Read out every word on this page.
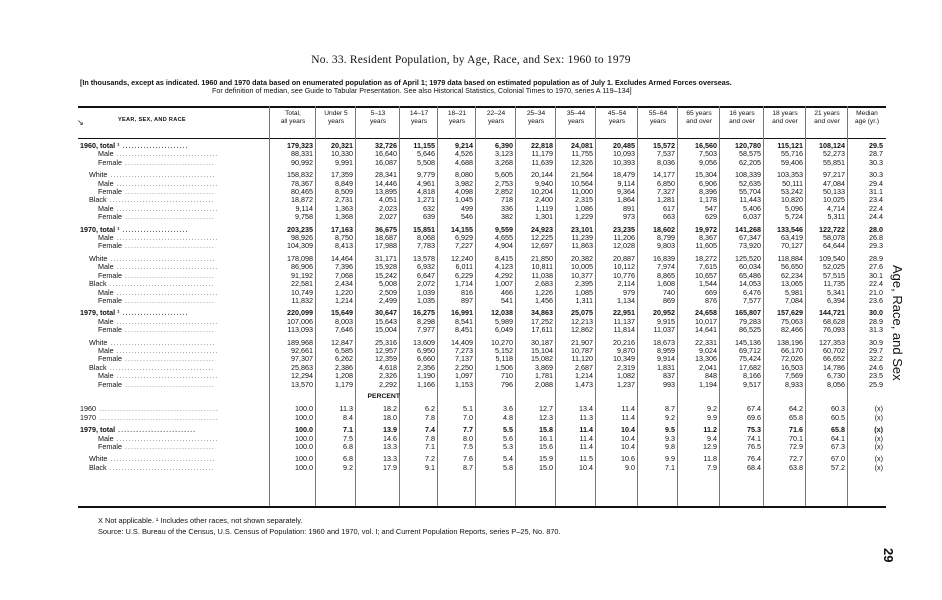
No. 33. Resident Population, by Age, Race, and Sex: 1960 to 1979
[In thousands, except as indicated. 1960 and 1970 data based on enumerated population as of April 1; 1979 data based on estimated population as of July 1. Excludes Armed Forces overseas.
For definition of median, see Guide to Tabular Presentation. See also Historical Statistics, Colonial Times to 1970, series A 119–134]
↘	YEAR, SEX, AND RACE
Total,
all years
Under 5
years
5–13
years
14–17
years
18–21
years
22–24
years
25–34
years
35–44
years
45–54
years
55–64
years
65 years
and over
16 years
and over
18 years
and over
21 years
and over
Median
age (yr.)
1960, total ¹ ......................	179,323	20,321	32,726	11,155	9,214	6,390	22,818	24,081	20,485	15,572	16,560	120,780	115,121	108,124	29.5
Male ..................................	88,331	10,330	16,640	5,646	4,526	3,123	11,179	11,755	10,093	7,537	7,503	58,575	55,716	52,273	28.7
Female ..............................	90,992	9,991	16,087	5,508	4,688	3,268	11,639	12,326	10,393	8,036	9,056	62,205	59,406	55,851	30.3

White ...................................	158,832	17,359	28,341	9,779	8,080	5,605	20,144	21,564	18,479	14,177	15,304	108,339	103,353	97,217	30.3
Male ..................................	78,367	8,849	14,446	4,961	3,982	2,753	9,940	10,564	9,114	6,850	6,906	52,635	50,111	47,084	29.4
Female ..............................	80,465	8,509	13,895	4,818	4,098	2,852	10,204	11,000	9,364	7,327	8,396	55,704	53,242	50,133	31.1
Black ...................................	18,872	2,731	4,051	1,271	1,045	718	2,400	2,315	1,864	1,281	1,178	11,443	10,820	10,025	23.4
Male ..................................	9,114	1,363	2,023	632	499	336	1,119	1,086	891	617	547	5,406	5,096	4,714	22.4
Female ..............................	9,758	1,368	2,027	639	546	382	1,301	1,229	973	663	629	6,037	5,724	5,311	24.4

1970, total ¹ ......................	203,235	17,163	36,675	15,851	14,155	9,559	24,923	23,101	23,235	18,602	19,972	141,268	133,546	122,722	28.0
Male ..................................	98,926	8,750	18,687	8,068	6,929	4,655	12,225	11,239	11,206	8,799	8,367	67,347	63,419	58,078	26.8
Female ..............................	104,309	8,413	17,988	7,783	7,227	4,904	12,697	11,863	12,028	9,803	11,605	73,920	70,127	64,644	29.3

White ...................................	178,098	14,464	31,171	13,578	12,240	8,415	21,850	20,382	20,887	16,839	18,272	125,520	118,884	109,540	28.9
Male ..................................	86,906	7,396	15,928	6,932	6,011	4,123	10,811	10,005	10,112	7,974	7,615	60,034	56,650	52,025	27.6
Female ..............................	91,192	7,068	15,242	6,647	6,229	4,292	11,038	10,377	10,776	8,865	10,657	65,486	62,234	57,515	30.1
Black ...................................	22,581	2,434	5,008	2,072	1,714	1,007	2,683	2,395	2,114	1,608	1,544	14,053	13,065	11,735	22.4
Male ..................................	10,749	1,220	2,509	1,039	816	466	1,226	1,085	979	740	669	6,476	5,981	5,341	21.0
Female ..............................	11,832	1,214	2,499	1,035	897	541	1,456	1,311	1,134	869	876	7,577	7,084	6,394	23.6

1979, total ¹ ......................	220,099	15,649	30,647	16,275	16,991	12,038	34,863	25,075	22,951	20,952	24,658	165,807	157,629	144,721	30.0
Male ..................................	107,006	8,003	15,643	8,298	8,541	5,989	17,252	12,213	11,137	9,915	10,017	79,283	75,063	68,628	28.9
Female ..............................	113,093	7,646	15,004	7,977	8,451	6,049	17,611	12,862	11,814	11,037	14,641	86,525	82,466	76,093	31.3

White ...................................	189,968	12,847	25,316	13,609	14,409	10,270	30,187	21,907	20,216	18,673	22,331	145,136	138,196	127,353	30.9
Male ..................................	92,661	6,585	12,957	6,950	7,273	5,152	15,104	10,787	9,870	8,959	9,024	69,712	66,170	60,702	29.7
Female ..............................	97,307	6,262	12,359	6,660	7,137	5,118	15,082	11,120	10,349	9,914	13,306	75,424	72,026	66,652	32.2
Black ...................................	25,863	2,386	4,618	2,356	2,250	1,506	3,869	2,687	2,319	1,831	2,041	17,682	16,503	14,786	24.6
Male ..................................	12,294	1,208	2,326	1,190	1,097	710	1,781	1,214	1,082	837	848	8,166	7,569	6,730	23.5
Female ..............................	13,570	1,179	2,292	1,166	1,153	796	2,088	1,473	1,237	993	1,194	9,517	8,933	8,056	25.9

PERCENT															

1960 ........................................	100.0	11.3	18.2	6.2	5.1	3.6	12.7	13.4	11.4	8.7	9.2	67.4	64.2	60.3	(x)
1970 ........................................	100.0	8.4	18.0	7.8	7.0	4.8	12.3	11.3	11.4	9.2	9.9	69.6	65.8	60.5	(x)

1979, total ..........................	100.0	7.1	13.9	7.4	7.7	5.5	15.8	11.4	10.4	9.5	11.2	75.3	71.6	65.8	(x)
Male ..................................	100.0	7.5	14.6	7.8	8.0	5.6	16.1	11.4	10.4	9.3	9.4	74.1	70.1	64.1	(x)
Female ..............................	100.0	6.8	13.3	7.1	7.5	5.3	15.6	11.4	10.4	9.8	12.9	76.5	72.9	67.3	(x)

White ...................................	100.0	6.8	13.3	7.2	7.6	5.4	15.9	11.5	10.6	9.9	11.8	76.4	72.7	67.0	(x)
Black ...................................	100.0	9.2	17.9	9.1	8.7	5.8	15.0	10.4	9.0	7.1	7.9	68.4	63.8	57.2	(x)
X Not applicable. ¹ Includes other races, not shown separately.
Source: U.S. Bureau of the Census, U.S. Census of Population: 1960 and 1970, vol. I; and Current Population Reports, series P–25, No. 870.
Age, Race, and Sex
29
